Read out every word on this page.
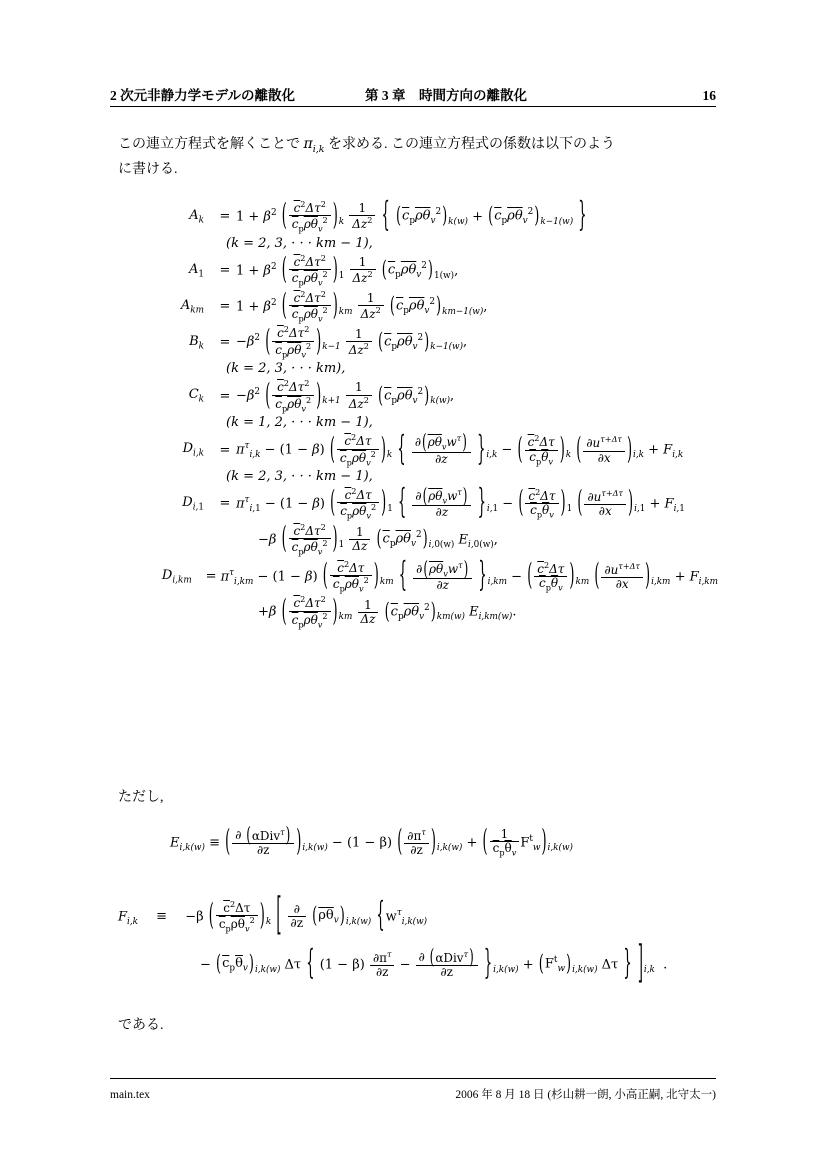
2 次元非静力学モデルの離散化	第 3 章　時間方向の離散化	16
この連立方程式を解くことで $\pi_{i,k}$ を求める. この連立方程式の係数は以下のよう
に書ける.
$A_k$	= $1 + \beta^2$ ( $\frac{\overline{c}^2\Delta\tau^2}{\overline{c}_p\overline{\rho}\overline{\theta}_v^2} )_k \frac{1}{\Delta z^2}$ { $(\overline{c}_p\overline{\rho}\overline{\theta}_v^2)_{k(w)} + (\overline{c}_p\overline{\rho}\overline{\theta}_v^2)_{k-1(w)}$ }
(k = 2, 3, · · · km − 1),
$A_1$	= $1 + \beta^2$ ( $\frac{\overline{c}^2\Delta\tau^2}{\overline{c}_p\overline{\rho}\overline{\theta}_v^2} )_1 \frac{1}{\Delta z^2} (\overline{c}_p\overline{\rho}\overline{\theta}_v^2)_{1(w)}$,
$A_{km}$	= $1 + \beta^2$ ( $\frac{\overline{c}^2\Delta\tau^2}{\overline{c}_p\overline{\rho}\overline{\theta}_v^2} )_{km} \frac{1}{\Delta z^2} (\overline{c}_p\overline{\rho}\overline{\theta}_v^2)_{km-1(w)}$,
$B_k$	= $-\beta^2$ ( $\frac{\overline{c}^2\Delta\tau^2}{\overline{c}_p\overline{\rho}\overline{\theta}_v^2} )_{k-1} \frac{1}{\Delta z^2} (\overline{c}_p\overline{\rho}\overline{\theta}_v^2)_{k-1(w)}$,
(k = 2, 3, · · · km),
$C_k$	= $-\beta^2$ ( $\frac{\overline{c}^2\Delta\tau^2}{\overline{c}_p\overline{\rho}\overline{\theta}_v^2} )_{k+1} \frac{1}{\Delta z^2} (\overline{c}_p\overline{\rho}\overline{\theta}_v^2)_{k(w)}$,
(k = 1, 2, · · · km − 1),
$D_{i,k}$	= $\pi^\tau_{i,k} - (1 - \beta)$ ( $\frac{\overline{c}^2\Delta\tau}{\overline{c}_p\overline{\rho}\overline{\theta}_v^2} )_k$ { $\frac{\partial(\overline{\rho}\overline{\theta}_vw^\tau)}{\partial z} \}_{i,k}$ − ( $\frac{\overline{c}^2\Delta\tau}{\overline{c}_p\overline{\theta}_v} )_k$ ( $\frac{\partial u^{\tau+\Delta\tau}}{\partial x} )_{i,k} + F_{i,k}$
(k = 2, 3, · · · km − 1),
$D_{i,1}$	= $\pi^\tau_{i,1} - (1 - \beta)$ ( $\frac{\overline{c}^2\Delta\tau}{\overline{c}_p\overline{\rho}\overline{\theta}_v^2} )_1$ { $\frac{\partial(\overline{\rho}\overline{\theta}_vw^\tau)}{\partial z} \}_{i,1}$ − ( $\frac{\overline{c}^2\Delta\tau}{\overline{c}_p\overline{\theta}_v} )_1$ ( $\frac{\partial u^{\tau+\Delta\tau}}{\partial x} )_{i,1} + F_{i,1}$
−β ( $\frac{\overline{c}^2\Delta\tau^2}{\overline{c}_p\overline{\rho}\overline{\theta}_v^2} )_1 \frac{1}{\Delta z} (\overline{c}_p\overline{\rho}\overline{\theta}_v^2)_{i,0(w)}$ $E_{i,0(w)}$,
$D_{i,km}$	= $\pi^\tau_{i,km} - (1 - \beta)$ ( $\frac{\overline{c}^2\Delta\tau}{\overline{c}_p\overline{\rho}\overline{\theta}_v^2} )_{km}$ { $\frac{\partial(\overline{\rho}\overline{\theta}_vw^\tau)}{\partial z} \}_{i,km}$ − ( $\frac{\overline{c}^2\Delta\tau}{\overline{c}_p\overline{\theta}_v} )_{km}$ ( $\frac{\partial u^{\tau+\Delta\tau}}{\partial x} )_{i,km} + F_{i,km}$
+β ( $\frac{\overline{c}^2\Delta\tau^2}{\overline{c}_p\overline{\rho}\overline{\theta}_v^2} )_{km} \frac{1}{\Delta z} (\overline{c}_p\overline{\rho}\overline{\theta}_v^2)_{km(w)}$ $E_{i,km(w)}$.
ただし,
$E_{i,k(w)}$ ≡ ( $\frac{\partial (\alpha Div^\tau)}{\partial z} )_{i,k(w)} - (1 - \beta)$ ( $\frac{\partial\pi^\tau}{\partial z} )_{i,k(w)}$ + ( $\frac{1}{\overline{c}_p\overline{\theta}_v} F^t_w)_{i,k(w)}$
$F_{i,k} \equiv -\beta$ ( $\frac{\overline{c}^2\Delta\tau}{\overline{c}_p\overline{\rho}\overline{\theta}_v^2} )_k$ [ $\frac{\partial}{\partial z} (\overline{\rho}\overline{\theta}_v)_{i,k(w)}$ {$w^\tau_{i,k(w)}$
− $(\overline{c}_p\overline{\theta}_v)_{i,k(w)}$ Δτ { $(1 - \beta) \frac{\partial\pi^\tau}{\partial z} - \frac{\partial (\alpha Div^\tau)}{\partial z} \}_{i,k(w)} + (F^t_w)_{i,k(w)}$ Δτ } ]$_{i,k}$  .
である.
main.tex	2006 年 8 月 18 日 (杉山耕一朗, 小高正嗣, 北守太一)
